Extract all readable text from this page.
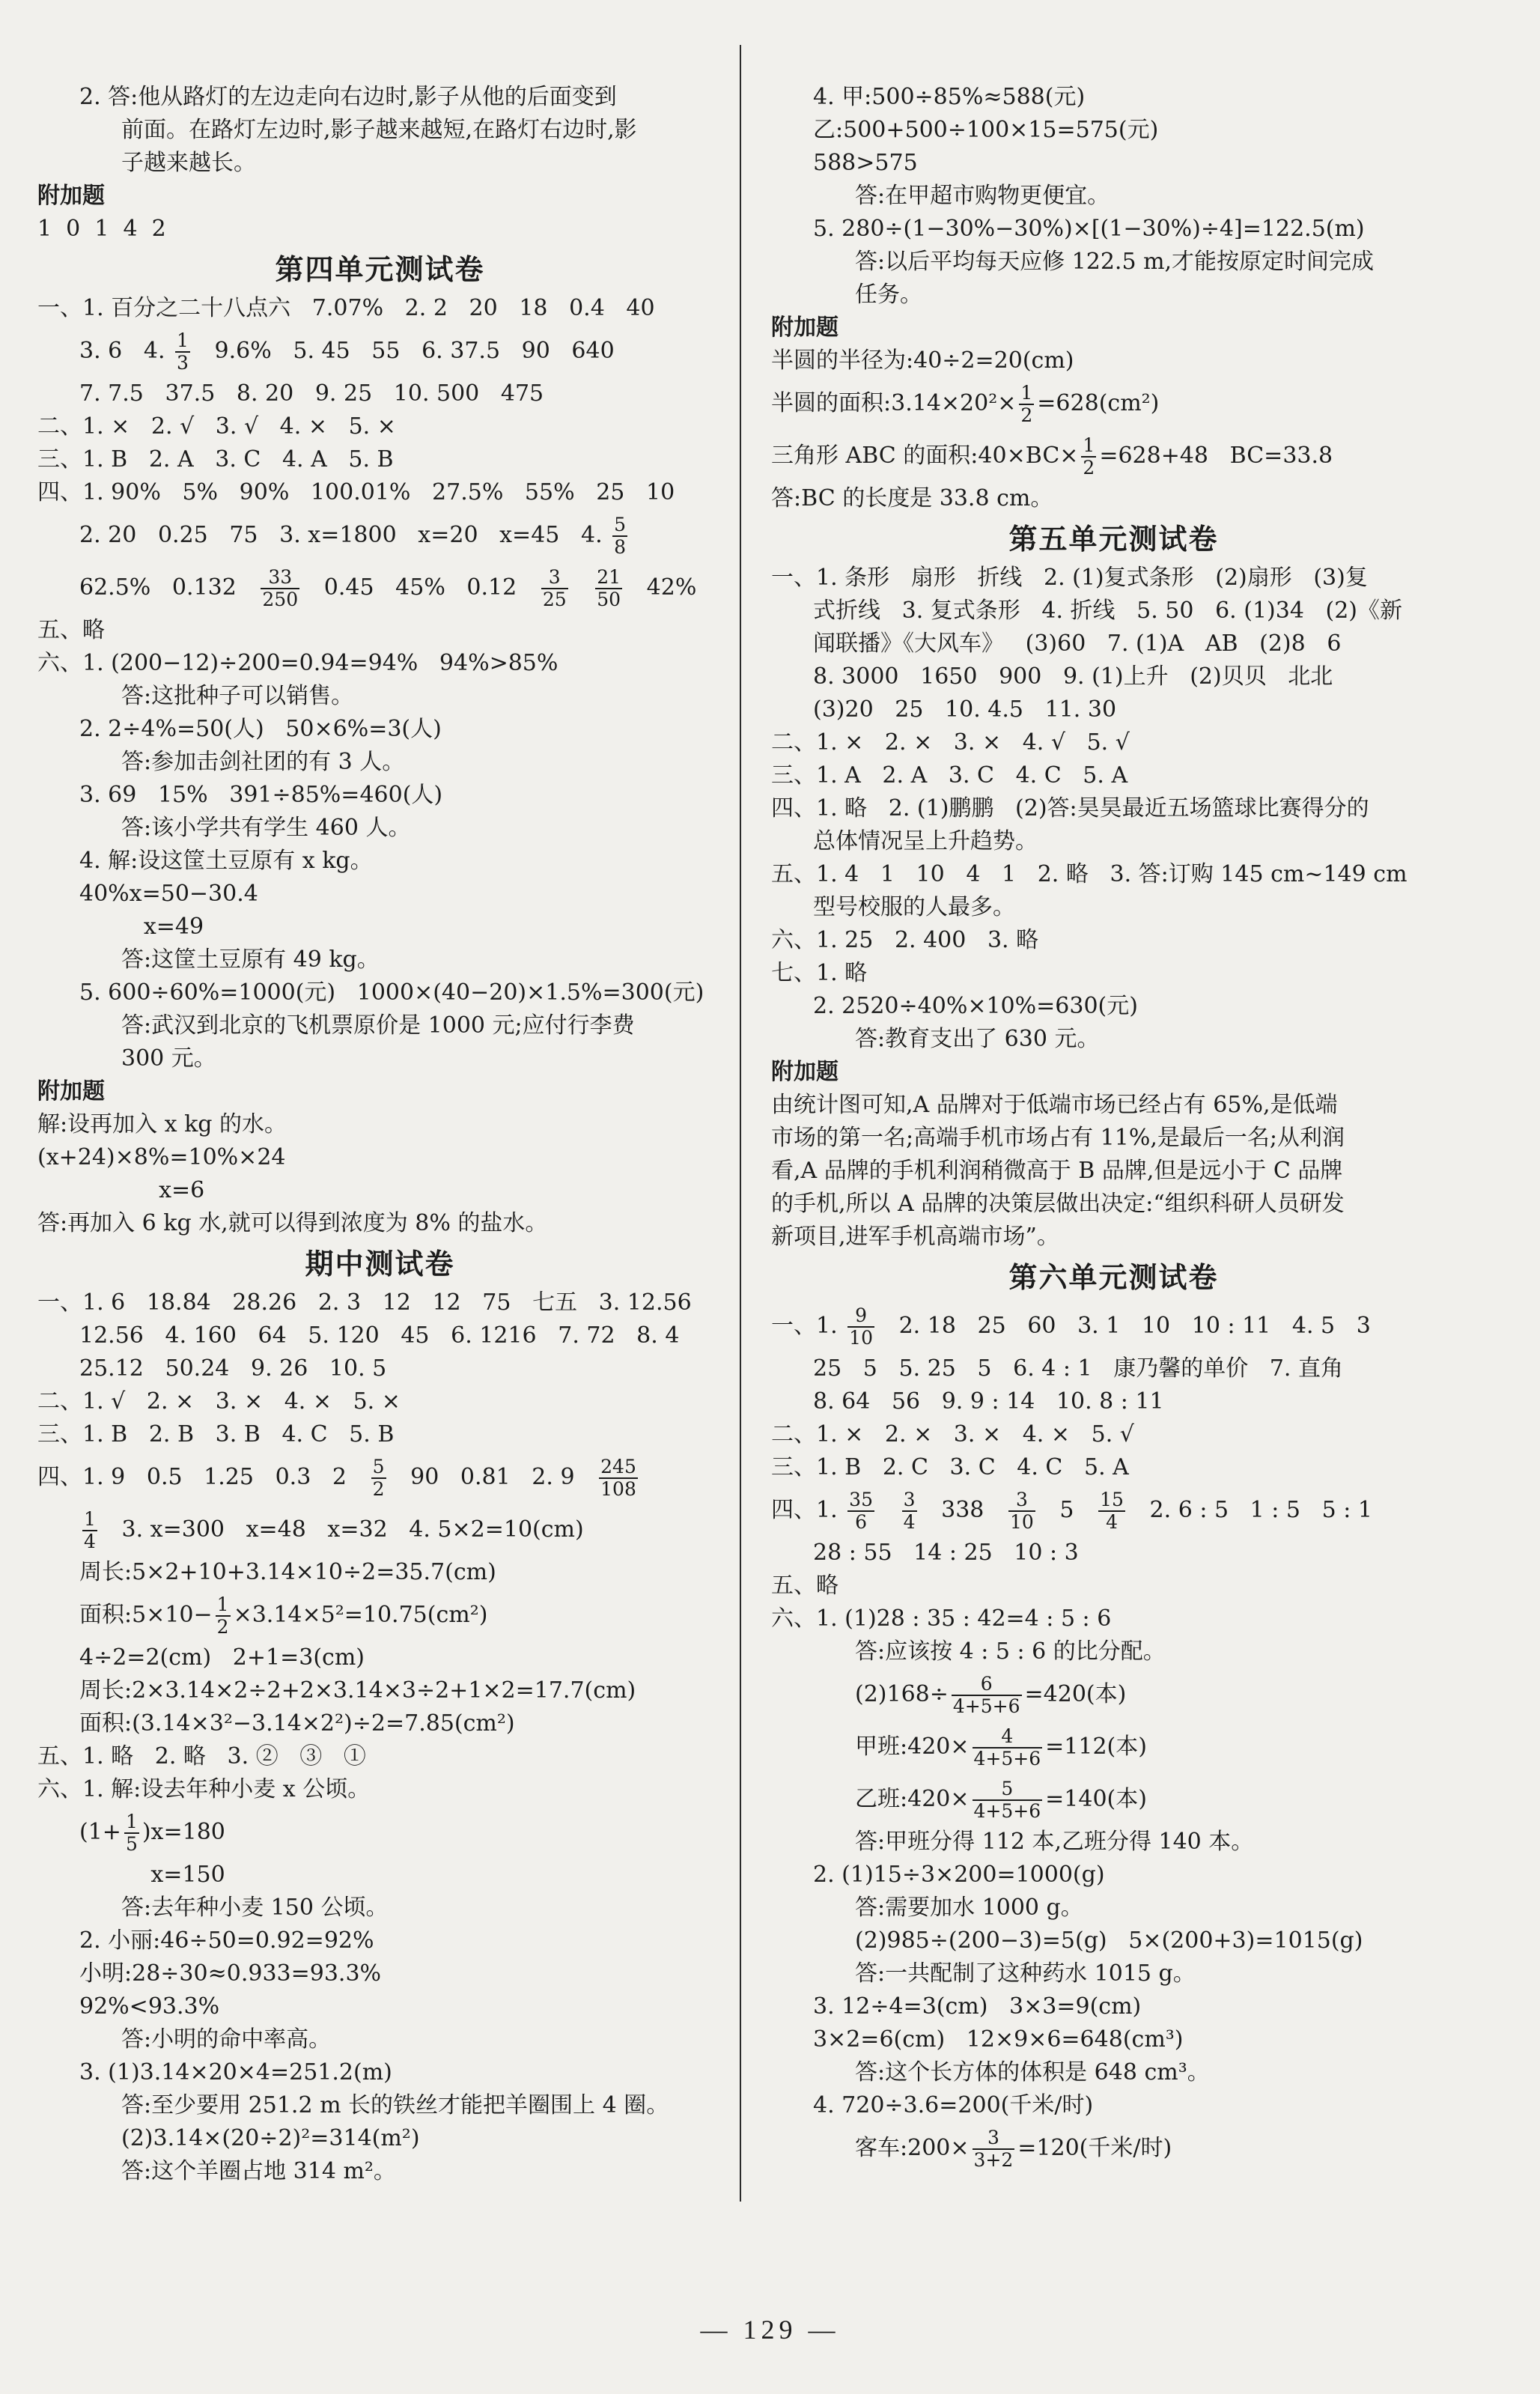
2. 答:他从路灯的左边走向右边时,影子从他的后面变到
前面。在路灯左边时,影子越来越短,在路灯右边时,影
子越来越长。
附加题
1  0  1  4  2
第四单元测试卷
一、1. 百分之二十八点六   7.07%   2. 2   20   18   0.4   40
3. 6   4. $\frac{1}{3} 9.6\%$   5. 45   55   6. 37.5   90   640
7. 7.5   37.5   8. 20   9. 25   10. 500   475
二、1. ×   2. √   3. √   4. ×   5. ×
三、1. B   2. A   3. C   4. A   5. B
四、1. 90%   5%   90%   100.01%   27.5%   55%   25   10
2. 20   0.25   75   3. x=1800   x=20   x=45   4. $\frac{5}{8}$
62.5%   $0.132 \frac{33}{250} 0.45$   45%   $0.12 \frac{3}{25}$
$\frac{21}{50} 42\%$
五、略
六、1. (200−12)÷200=0.94=94%   94%>85%
答:这批种子可以销售。
2. 2÷4%=50(人)   50×6%=3(人)
答:参加击剑社团的有 3 人。
3. 69   15%   391÷85%=460(人)
答:该小学共有学生 460 人。
4. 解:设这筐土豆原有 x kg。
40%x=50−30.4
x=49
答:这筐土豆原有 49 kg。
5. 600÷60%=1000(元)   1000×(40−20)×1.5%=300(元)
答:武汉到北京的飞机票原价是 1000 元;应付行李费
300 元。
附加题
解:设再加入 x kg 的水。
(x+24)×8%=10%×24
x=6
答:再加入 6 kg 水,就可以得到浓度为 8% 的盐水。
期中测试卷
一、1. 6   18.84   28.26   2. 3   12   12   75   七五   3. 12.56
12.56   4. 160   64   5. 120   45   6. 1216   7. 72   8. 4
25.12   50.24   9. 26   10. 5
二、1. √   2. ×   3. ×   4. ×   5. ×
三、1. B   2. B   3. B   4. C   5. B
四、1. 9   0.5   1.25   0.3   $2 \frac{5}{2} 90$   0.81   2. $9 \frac{245}{108}$
$\frac{1}{4} 3$. x=300   x=48   x=32   4. 5×2=10(cm)
周长:5×2+10+3.14×10÷2=35.7(cm)
面积:5×10− $\frac{1}{2} \times 3.14\times 5^2=10.75(cm^2)$
4÷2=2(cm)   2+1=3(cm)
周长:2×3.14×2÷2+2×3.14×3÷2+1×2=17.7(cm)
面积:(3.14×3²−3.14×2²)÷2=7.85(cm²)
五、1. 略   2. 略   3. ②   ③   ①
六、1. 解:设去年种小麦 x 公顷。
$(1+ \frac{1}{5} )x=180$
x=150
答:去年种小麦 150 公顷。
2. 小丽:46÷50=0.92=92%
小明:28÷30≈0.933=93.3%
92%<93.3%
答:小明的命中率高。
3. (1)3.14×20×4=251.2(m)
答:至少要用 251.2 m 长的铁丝才能把羊圈围上 4 圈。
(2)3.14×(20÷2)²=314(m²)
答:这个羊圈占地 314 m²。
4. 甲:500÷85%≈588(元)
乙:500+500÷100×15=575(元)
588>575
答:在甲超市购物更便宜。
5. 280÷(1−30%−30%)×[(1−30%)÷4]=122.5(m)
答:以后平均每天应修 122.5 m,才能按原定时间完成
任务。
附加题
半圆的半径为:40÷2=20(cm)
半圆的面积:3.14×20²× $\frac{1}{2} =628(cm^2)$
三角形 ABC 的面积:40×BC× $\frac{1}{2} =628+48$   BC=33.8
答:BC 的长度是 33.8 cm。
第五单元测试卷
一、1. 条形   扇形   折线   2. (1)复式条形   (2)扇形   (3)复
式折线   3. 复式条形   4. 折线   5. 50   6. (1)34   (2)《新
闻联播》《大风车》   (3)60   7. (1)A   AB   (2)8   6
8. 3000   1650   900   9. (1)上升   (2)贝贝   北北
(3)20   25   10. 4.5   11. 30
二、1. ×   2. ×   3. ×   4. √   5. √
三、1. A   2. A   3. C   4. C   5. A
四、1. 略   2. (1)鹏鹏   (2)答:昊昊最近五场篮球比赛得分的
总体情况呈上升趋势。
五、1. 4   1   10   4   1   2. 略   3. 答:订购 145 cm~149 cm
型号校服的人最多。
六、1. 25   2. 400   3. 略
七、1. 略
2. 2520÷40%×10%=630(元)
答:教育支出了 630 元。
附加题
由统计图可知,A 品牌对于低端市场已经占有 65%,是低端
市场的第一名;高端手机市场占有 11%,是最后一名;从利润
看,A 品牌的手机利润稍微高于 B 品牌,但是远小于 C 品牌
的手机,所以 A 品牌的决策层做出决定:“组织科研人员研发
新项目,进军手机高端市场”。
第六单元测试卷
一、1. $\frac{9}{10} 2$. 18   25   60   3. 1   10   10 : 11   4. 5   3
25   5   5. 25   5   6. 4 : 1   康乃馨的单价   7. 直角
8. 64   56   9. 9 : 14   10. 8 : 11
二、1. ×   2. ×   3. ×   4. ×   5. √
三、1. B   2. C   3. C   4. C   5. A
四、1. $\frac{35}{6}$
$\frac{3}{4} 338 \frac{3}{10} 5 \frac{15}{4} 2$. 6 : 5   1 : 5   5 : 1
28 : 55   14 : 25   10 : 3
五、略
六、1. (1)28 : 35 : 42=4 : 5 : 6
答:应该按 4 : 5 : 6 的比分配。
$(2)168\div \frac{6}{4+5+6} =420$(本)
甲班:420× $\frac{4}{4+5+6} =112$(本)
乙班:420× $\frac{5}{4+5+6} =140$(本)
答:甲班分得 112 本,乙班分得 140 本。
2. (1)15÷3×200=1000(g)
答:需要加水 1000 g。
(2)985÷(200−3)=5(g)   5×(200+3)=1015(g)
答:一共配制了这种药水 1015 g。
3. 12÷4=3(cm)   3×3=9(cm)
3×2=6(cm)   12×9×6=648(cm³)
答:这个长方体的体积是 648 cm³。
4. 720÷3.6=200(千米/时)
客车:200× $\frac{3}{3+2} =120$(千米/时)
— 129 —
